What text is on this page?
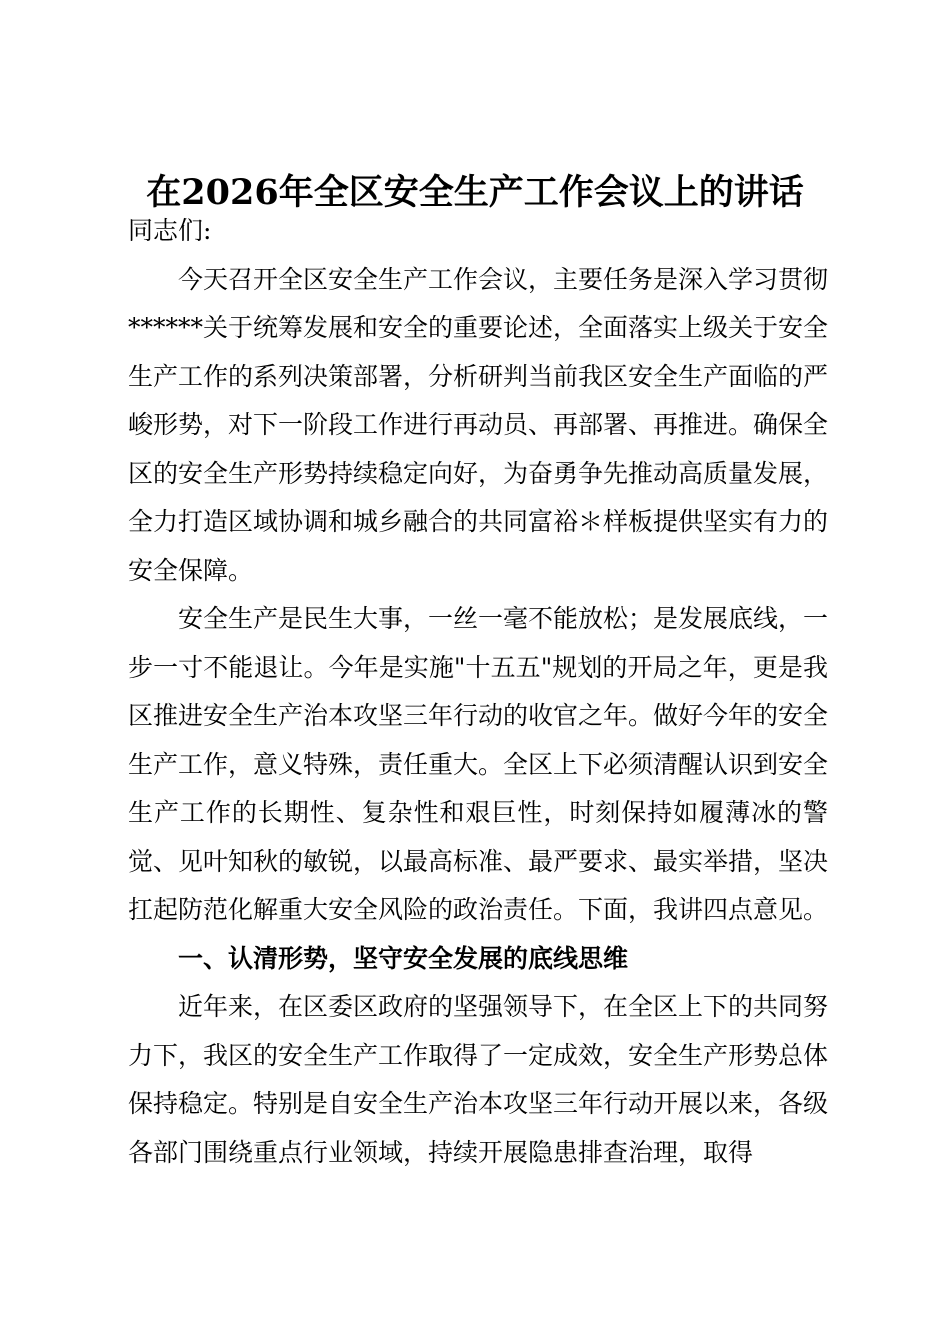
在2026年全区安全生产工作会议上的讲话

同志们:

今天召开全区安全生产工作会议，主要任务是深入学习贯彻******关于统筹发展和安全的重要论述，全面落实上级关于安全生产工作的系列决策部署，分析研判当前我区安全生产面临的严峻形势，对下一阶段工作进行再动员、再部署、再推进。确保全区的安全生产形势持续稳定向好，为奋勇争先推动高质量发展，全力打造区域协调和城乡融合的共同富裕＊样板提供坚实有力的安全保障。

安全生产是民生大事，一丝一毫不能放松；是发展底线，一步一寸不能退让。今年是实施"十五五"规划的开局之年，更是我区推进安全生产治本攻坚三年行动的收官之年。做好今年的安全生产工作，意义特殊，责任重大。全区上下必须清醒认识到安全生产工作的长期性、复杂性和艰巨性，时刻保持如履薄冰的警觉、见叶知秋的敏锐，以最高标准、最严要求、最实举措，坚决扛起防范化解重大安全风险的政治责任。下面，我讲四点意见。

一、认清形势，坚守安全发展的底线思维

近年来，在区委区政府的坚强领导下，在全区上下的共同努力下，我区的安全生产工作取得了一定成效，安全生产形势总体保持稳定。特别是自安全生产治本攻坚三年行动开展以来，各级各部门围绕重点行业领域，持续开展隐患排查治理，取得
